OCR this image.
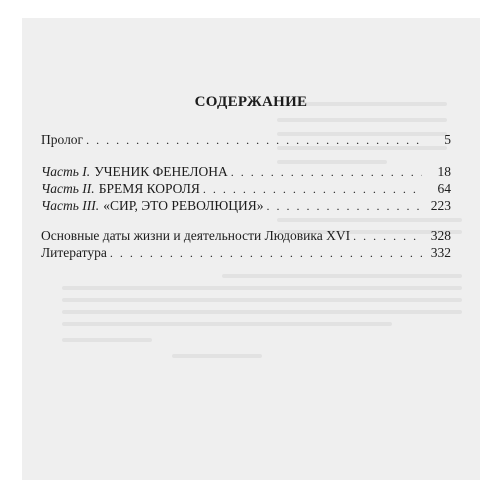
СОДЕРЖАНИЕ
Пролог . . .	5
Часть I. УЧЕНИК ФЕНЕЛОНА . . .	18
Часть II. БРЕМЯ КОРОЛЯ . . .	64
Часть III. «СИР, ЭТО РЕВОЛЮЦИЯ» . . .	223
Основные даты жизни и деятельности Людовика XVI . . .	328
Литература . . .	332
